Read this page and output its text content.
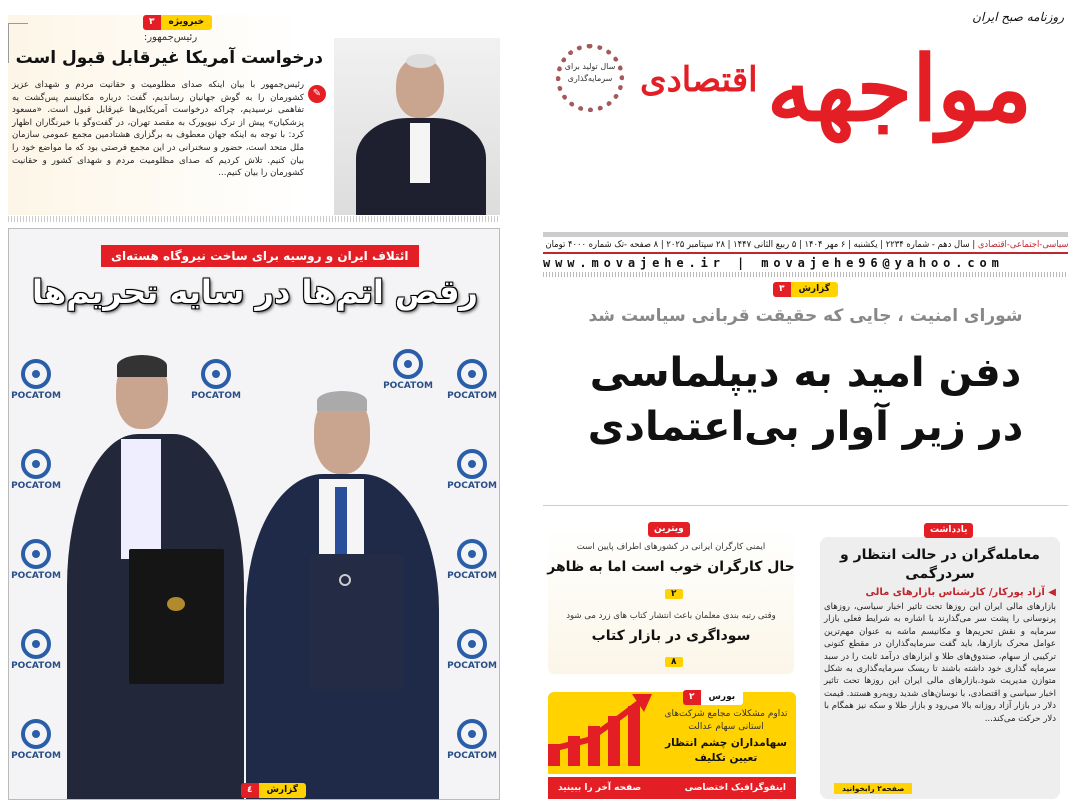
روزنامه صبح ایران
مواجهه
اقتصادی
سال تولید برای سرمایه‌گذاری
سیاسی-اجتماعی-اقتصادی | سال دهم - شماره ۲۲۳۴ | یکشنبه | ۶ مهر ۱۴۰۴ | ۵ ربیع الثانی ۱۴۴۷ | ۲۸ سپتامبر ۲۰۲۵ | ۸ صفحه -تک شماره ۴۰۰۰ تومان
www.movajehe.ir | movajehe96@yahoo.com
گزارش
۳
شورای امنیت ، جایی که حقیقت قربانی سیاست شد
دفن امید به دیپلماسی
در زیر آوار بی‌اعتمادی
خبرویژه
۳
رئیس‌جمهور:
درخواست آمریکا غیرقابل قبول است
✎
رئیس‌جمهور با بیان اینکه صدای مظلومیت و حقانیت مردم و شهدای عزیز کشورمان را به گوش جهانیان رساندیم، گفت: درباره مکانیسم پس‌گشت به تفاهمی نرسیدیم، چراکه درخواست آمریکایی‌ها غیرقابل قبول است. «مسعود پزشکیان» پیش از ترک نیویورک به مقصد تهران، در گفت‌وگو با خبرنگاران اظهار کرد: با توجه به اینکه جهان معطوف به برگزاری هشتادمین مجمع عمومی سازمان ملل متحد است، حضور و سخنرانی در این مجمع فرصتی بود که ما مواضع خود را بیان کنیم. تلاش کردیم که صدای مظلومیت مردم و شهدای کشور و حقانیت کشورمان را بیان کنیم...
POCATOM
POCATOM
POCATOM
POCATOM
POCATOM
POCATOM
POCATOM
POCATOM
POCATOM
POCATOM
POCATOM
POCATOM
ائتلاف ایران و روسیه برای ساخت نیروگاه هسته‌ای
رقص اتم‌ها در سایه تحریم‌ها
گزارش
٤
ویترین
ایمنی کارگران ایرانی در کشورهای اطراف پایین است
حال کارگران خوب است اما به ظاهر
۲
وقتی رتبه بندی معلمان باعث انتشار کتاب های زرد می شود
سوداگری در بازار کتاب
۸
بورس
۲
تداوم مشکلات مجامع شرکت‌های استانی سهام عدالت
سهامداران چشم انتظار تعیین تکلیف
اینفوگرافیک اختصاصی
صفحه آخر را ببینید
یادداشت
معامله‌گران در حالت انتظار و سردرگمی
◀ آزاد پورکار/ کارشناس بازارهای مالی
بازارهای مالی ایران این روزها تحت تاثیر اخبار سیاسی، روزهای پرنوسانی را پشت سر می‌گذارند با اشاره به شرایط فعلی بازار سرمایه و نقش تحریم‌ها و مکانیسم ماشه به عنوان مهم‌ترین عوامل محرک بازارها، باید گفت سرمایه‌گذاران در مقطع کنونی ترکیبی از سهام، صندوق‌های طلا و ابزارهای درآمد ثابت را در سبد سرمایه گذاری خود داشته باشند تا ریسک سرمایه‌گذاری به شکل متوازن مدیریت شود.بازارهای مالی ایران این روزها تحت تاثیر اخبار سیاسی و اقتصادی، با نوسان‌های شدید روبه‌رو هستند. قیمت دلار در بازار آزاد روزانه بالا می‌رود و بازار طلا و سکه نیز همگام با دلار حرکت می‌کند...
صفحه۲ رابخوانید
